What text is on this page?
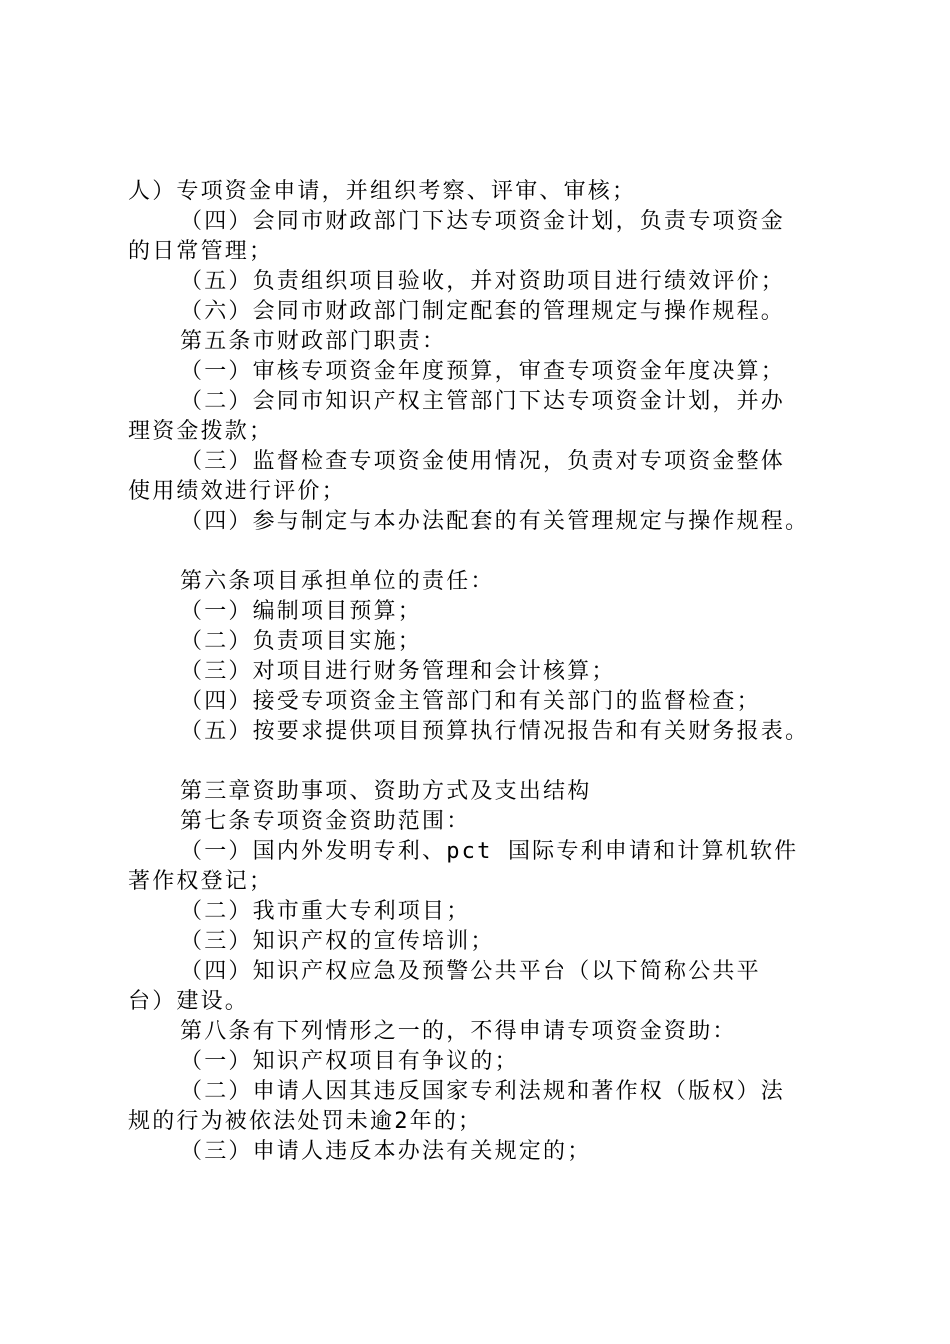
人）专项资金申请，并组织考察、评审、审核；
（四）会同市财政部门下达专项资金计划，负责专项资金
的日常管理；
（五）负责组织项目验收，并对资助项目进行绩效评价；
（六）会同市财政部门制定配套的管理规定与操作规程。
第五条市财政部门职责：
（一）审核专项资金年度预算，审查专项资金年度决算；
（二）会同市知识产权主管部门下达专项资金计划，并办
理资金拨款；
（三）监督检查专项资金使用情况，负责对专项资金整体
使用绩效进行评价；
（四）参与制定与本办法配套的有关管理规定与操作规程。
第六条项目承担单位的责任：
（一）编制项目预算；
（二）负责项目实施；
（三）对项目进行财务管理和会计核算；
（四）接受专项资金主管部门和有关部门的监督检查；
（五）按要求提供项目预算执行情况报告和有关财务报表。
第三章资助事项、资助方式及支出结构
第七条专项资金资助范围：
（一）国内外发明专利、pct 国际专利申请和计算机软件
著作权登记；
（二）我市重大专利项目；
（三）知识产权的宣传培训；
（四）知识产权应急及预警公共平台（以下简称公共平
台）建设。
第八条有下列情形之一的，不得申请专项资金资助：
（一）知识产权项目有争议的；
（二）申请人因其违反国家专利法规和著作权（版权）法
规的行为被依法处罚未逾2年的；
（三）申请人违反本办法有关规定的；
